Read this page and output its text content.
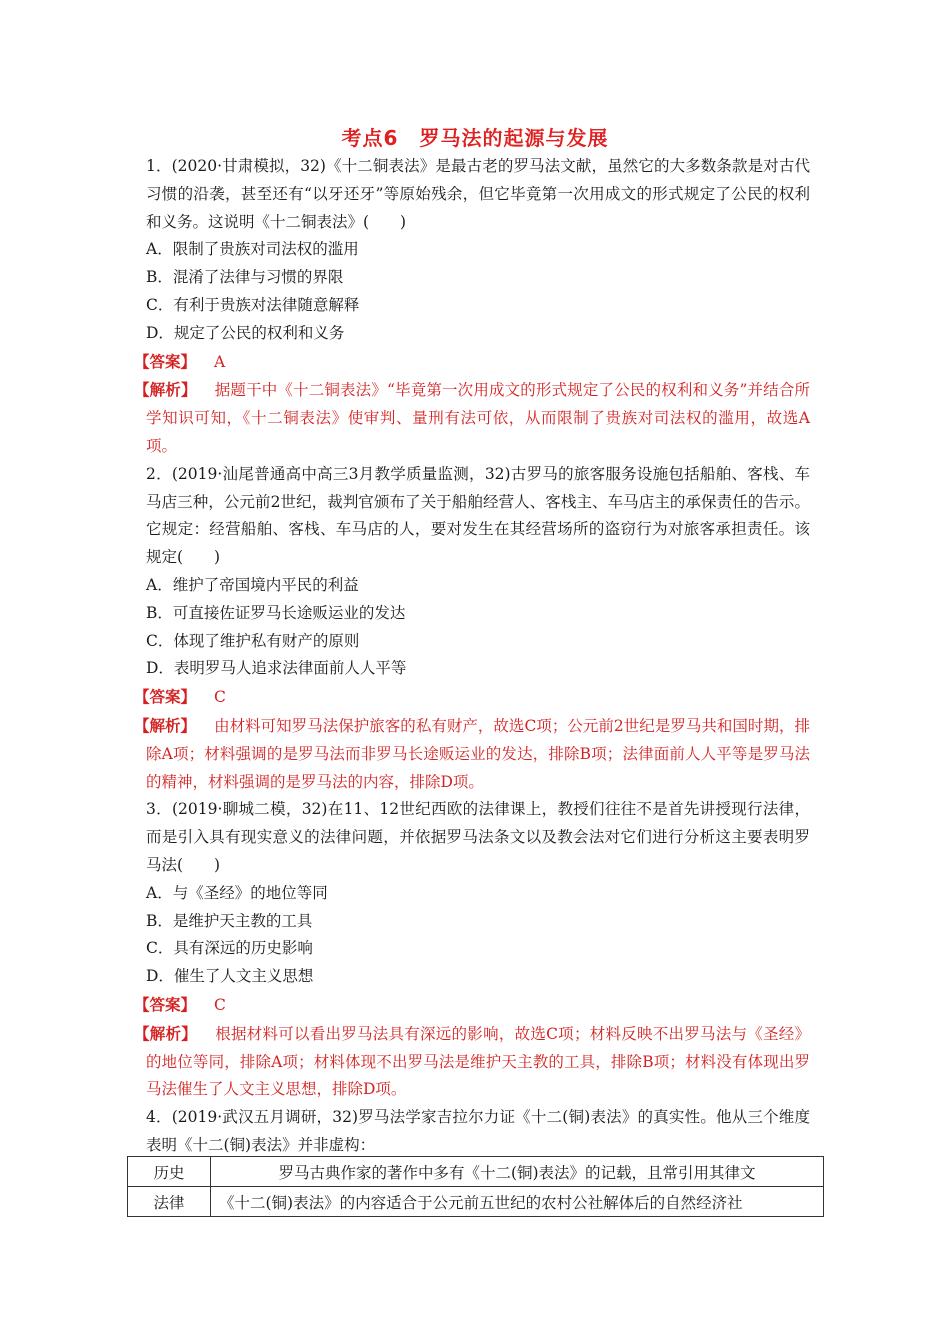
考点6　罗马法的起源与发展

1．(2020·甘肃模拟，32)《十二铜表法》是最古老的罗马法文献，虽然它的大多数条款是对古代习惯的沿袭，甚至还有“以牙还牙”等原始残余，但它毕竟第一次用成文的形式规定了公民的权利和义务。这说明《十二铜表法》(　　)

A．限制了贵族对司法权的滥用

B．混淆了法律与习惯的界限

C．有利于贵族对法律随意解释

D．规定了公民的权利和义务

【答案】 A

【解析】 据题干中《十二铜表法》“毕竟第一次用成文的形式规定了公民的权利和义务”并结合所学知识可知，《十二铜表法》使审判、量刑有法可依，从而限制了贵族对司法权的滥用，故选A项。

2．(2019·汕尾普通高中高三3月教学质量监测，32)古罗马的旅客服务设施包括船舶、客栈、车马店三种，公元前2世纪，裁判官颁布了关于船舶经营人、客栈主、车马店主的承保责任的告示。它规定：经营船舶、客栈、车马店的人，要对发生在其经营场所的盗窃行为对旅客承担责任。该规定(　　)

A．维护了帝国境内平民的利益

B．可直接佐证罗马长途贩运业的发达

C．体现了维护私有财产的原则

D．表明罗马人追求法律面前人人平等

【答案】 C

【解析】 由材料可知罗马法保护旅客的私有财产，故选C项；公元前2世纪是罗马共和国时期，排除A项；材料强调的是罗马法而非罗马长途贩运业的发达，排除B项；法律面前人人平等是罗马法的精神，材料强调的是罗马法的内容，排除D项。

3．(2019·聊城二模，32)在11、12世纪西欧的法律课上，教授们往往不是首先讲授现行法律，而是引入具有现实意义的法律问题，并依据罗马法条文以及教会法对它们进行分析这主要表明罗马法(　　)

A．与《圣经》的地位等同

B．是维护天主教的工具

C．具有深远的历史影响

D．催生了人文主义思想

【答案】 C

【解析】 根据材料可以看出罗马法具有深远的影响，故选C项；材料反映不出罗马法与《圣经》的地位等同，排除A项；材料体现不出罗马法是维护天主教的工具，排除B项；材料没有体现出罗马法催生了人文主义思想，排除D项。

4．(2019·武汉五月调研，32)罗马法学家吉拉尔力证《十二(铜)表法》的真实性。他从三个维度表明《十二(铜)表法》并非虚构：

历史	罗马古典作家的著作中多有《十二(铜)表法》的记载，且常引用其律文
法律	《十二(铜)表法》的内容适合于公元前五世纪的农村公社解体后的自然经济社
